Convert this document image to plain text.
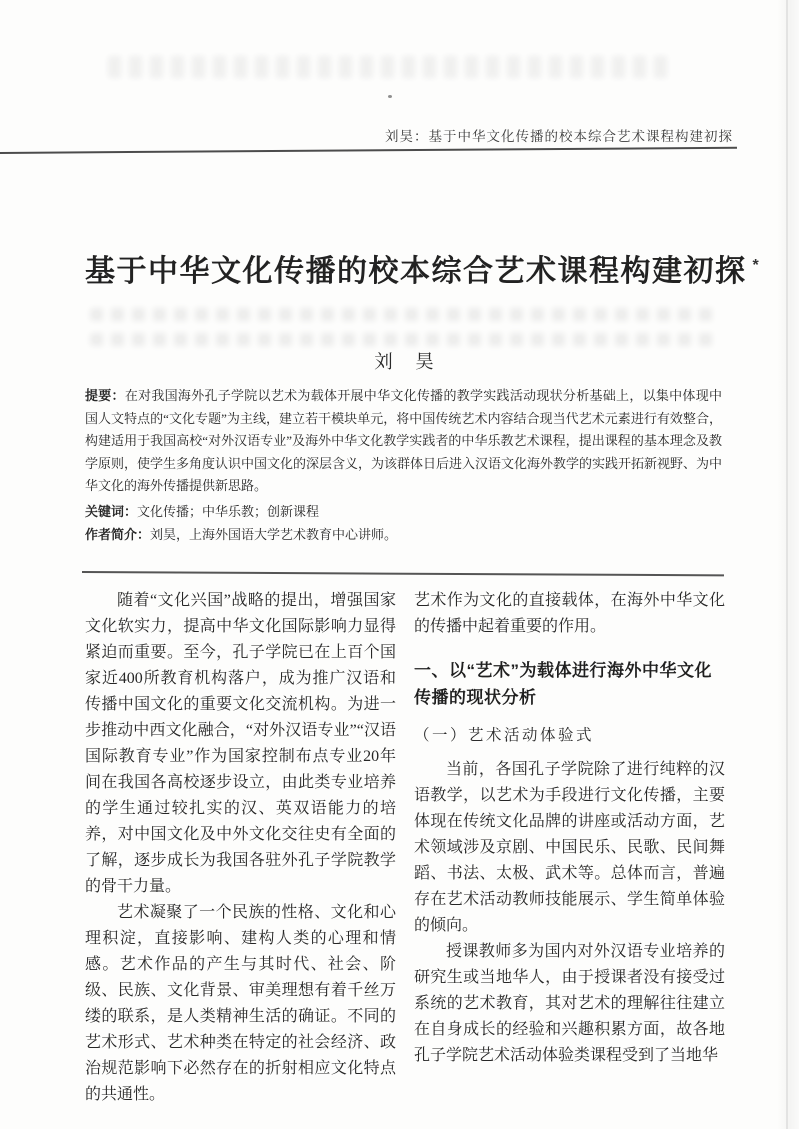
刘昊：基于中华文化传播的校本综合艺术课程构建初探
基于中华文化传播的校本综合艺术课程构建初探 *
刘　昊

提要：在对我国海外孔子学院以艺术为载体开展中华文化传播的教学实践活动现状分析基础上，以集中体现中国人文特点的“文化专题”为主线，建立若干模块单元，将中国传统艺术内容结合现当代艺术元素进行有效整合，构建适用于我国高校“对外汉语专业”及海外中华文化教学实践者的中华乐教艺术课程，提出课程的基本理念及教学原则，使学生多角度认识中国文化的深层含义，为该群体日后进入汉语文化海外教学的实践开拓新视野、为中华文化的海外传播提供新思路。

关键词：文化传播；中华乐教；创新课程

作者简介：刘昊，上海外国语大学艺术教育中心讲师。

随着“文化兴国”战略的提出，增强国家文化软实力，提高中华文化国际影响力显得紧迫而重要。至今，孔子学院已在上百个国家近400所教育机构落户，成为推广汉语和传播中国文化的重要文化交流机构。为进一步推动中西文化融合，“对外汉语专业”“汉语国际教育专业”作为国家控制布点专业20年间在我国各高校逐步设立，由此类专业培养的学生通过较扎实的汉、英双语能力的培养，对中国文化及中外文化交往史有全面的了解，逐步成长为我国各驻外孔子学院教学的骨干力量。

艺术凝聚了一个民族的性格、文化和心理积淀，直接影响、建构人类的心理和情感。艺术作品的产生与其时代、社会、阶级、民族、文化背景、审美理想有着千丝万缕的联系，是人类精神生活的确证。不同的艺术形式、艺术种类在特定的社会经济、政治规范影响下必然存在的折射相应文化特点的共通性。

艺术作为文化的直接载体，在海外中华文化的传播中起着重要的作用。

一、以“艺术”为载体进行海外中华文化传播的现状分析

（一）艺术活动体验式

当前，各国孔子学院除了进行纯粹的汉语教学，以艺术为手段进行文化传播，主要体现在传统文化品牌的讲座或活动方面，艺术领域涉及京剧、中国民乐、民歌、民间舞蹈、书法、太极、武术等。总体而言，普遍存在艺术活动教师技能展示、学生简单体验的倾向。

授课教师多为国内对外汉语专业培养的研究生或当地华人，由于授课者没有接受过系统的艺术教育，其对艺术的理解往往建立在自身成长的经验和兴趣积累方面，故各地孔子学院艺术活动体验类课程受到了当地华
